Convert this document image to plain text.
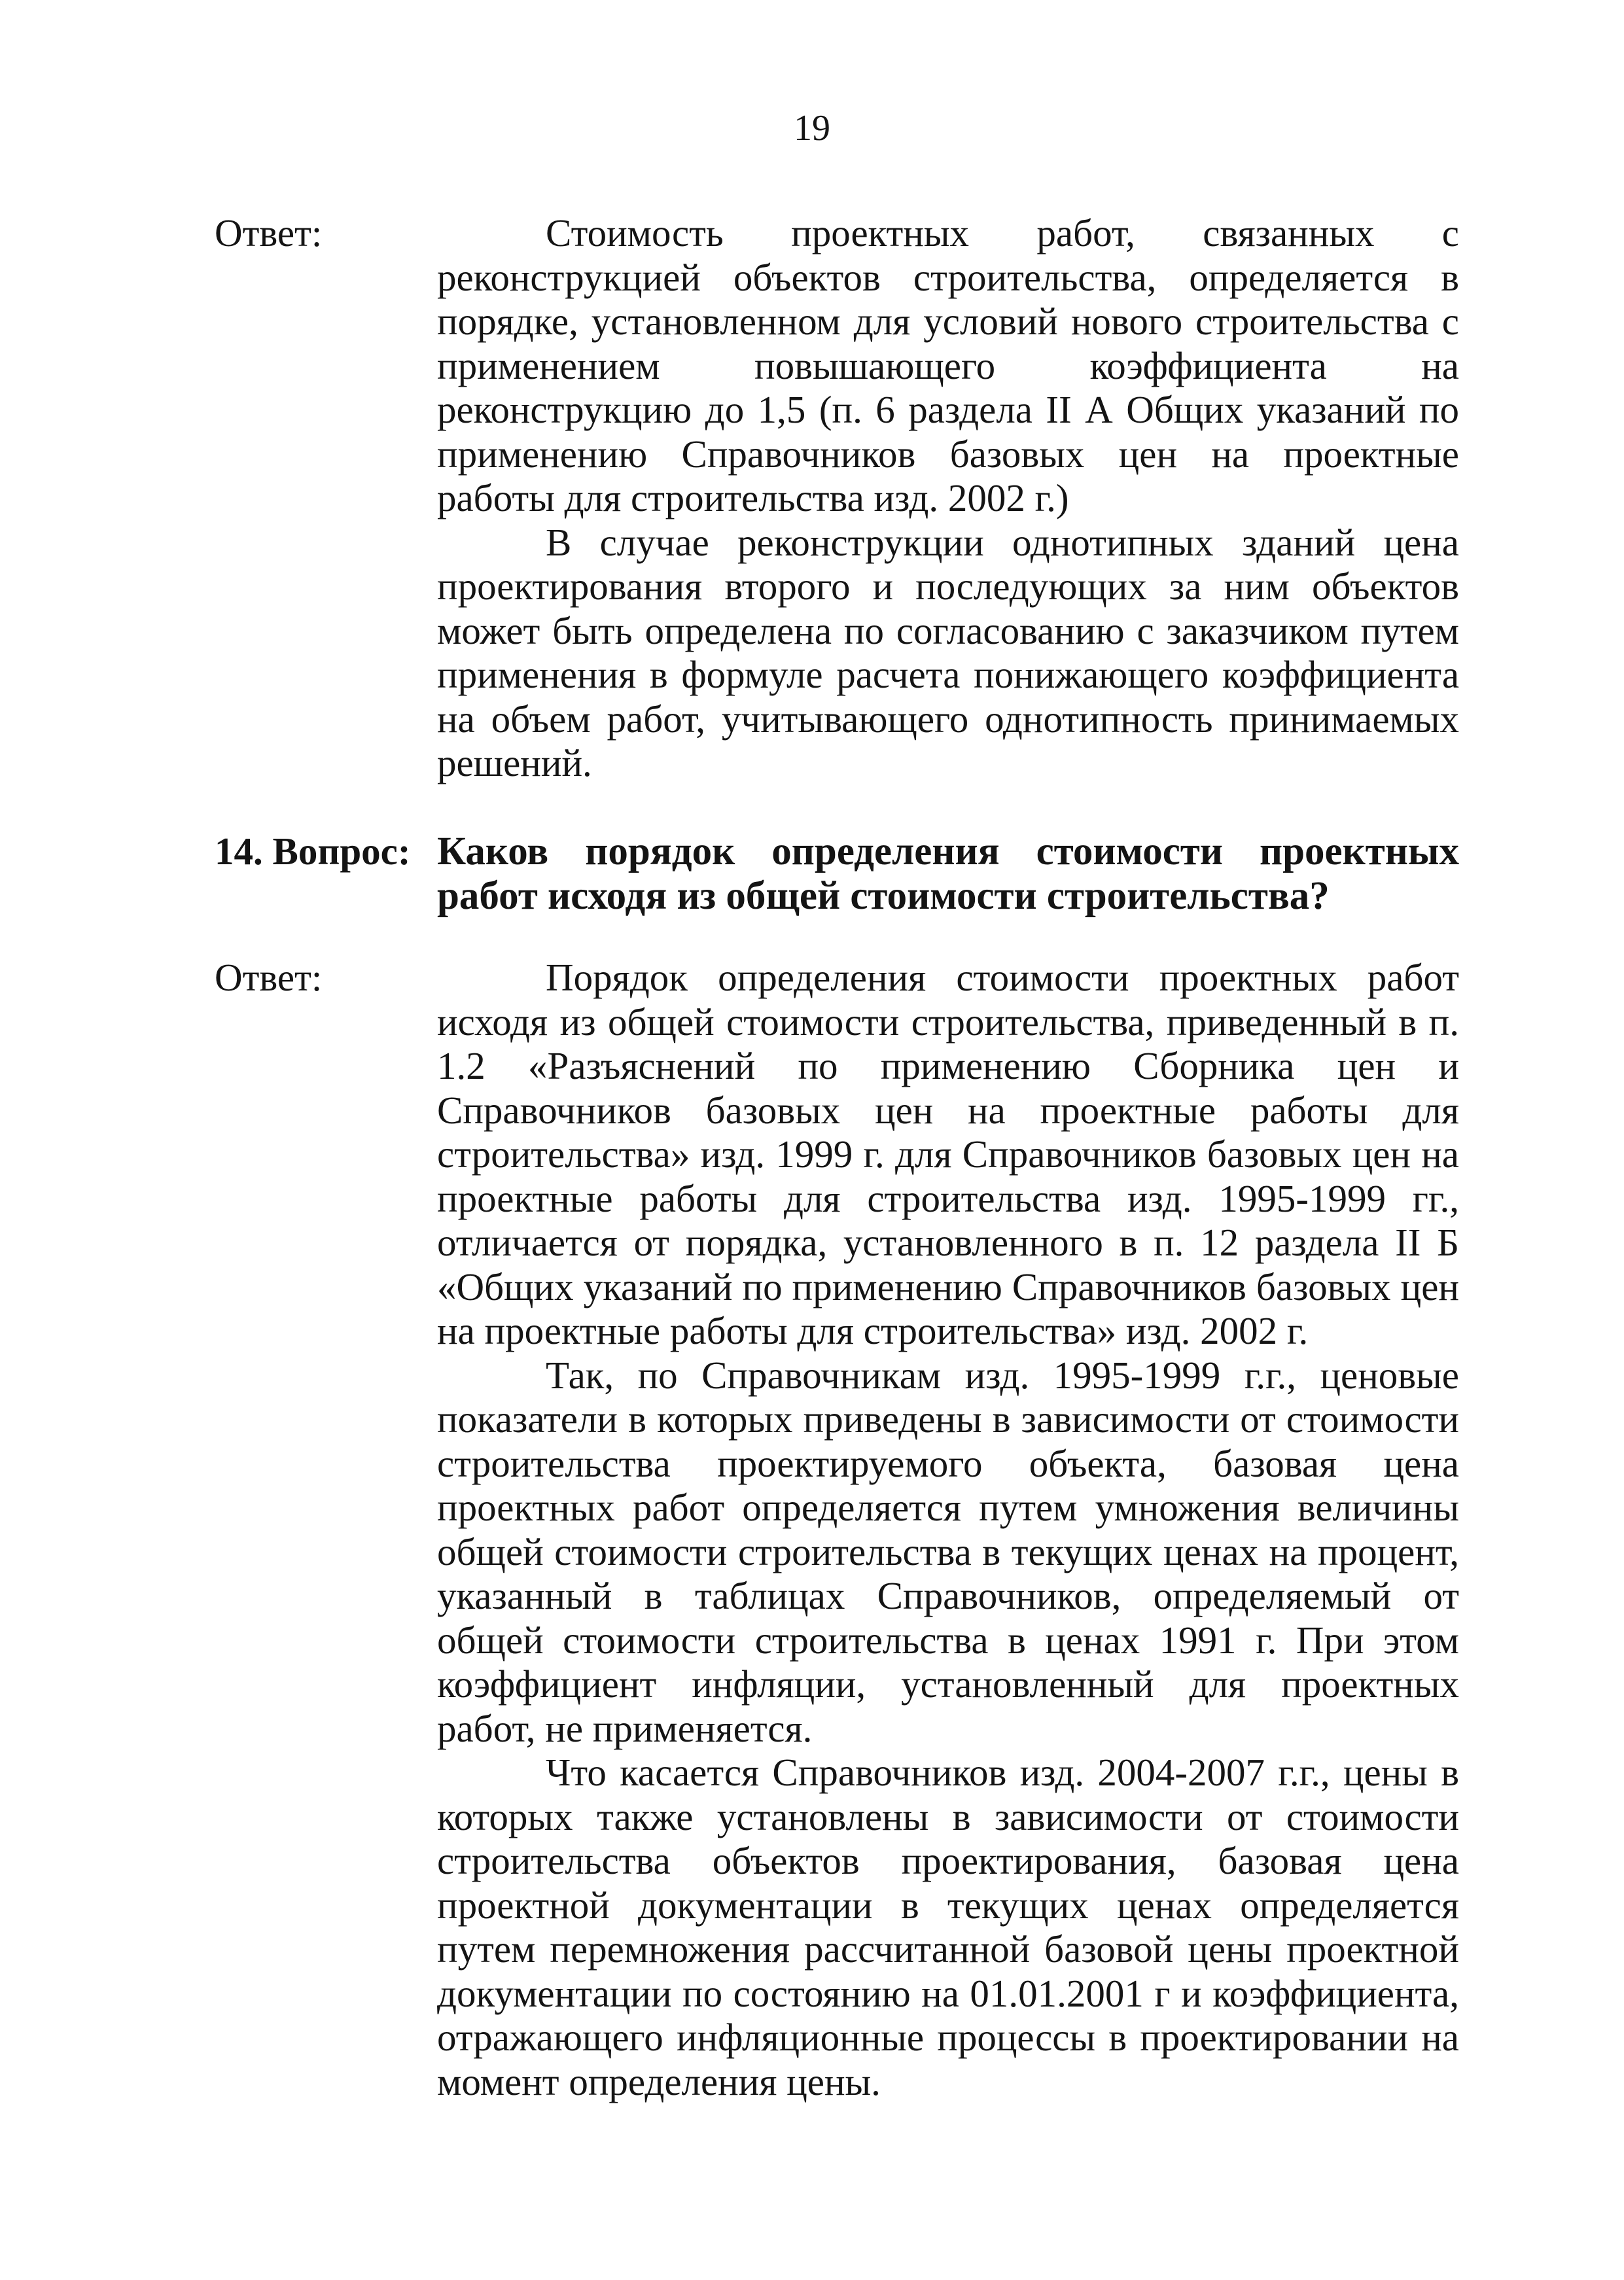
19
Ответ:	Стоимость проектных работ, связанных с реконструкцией объектов строительства, определяется в порядке, установленном для условий нового строительства с применением повышающего коэффициента на реконструкцию до 1,5 (п. 6 раздела II А Общих указаний по применению Справочников базовых цен на проектные работы для строительства изд. 2002 г.)

В случае реконструкции однотипных зданий цена проектирования второго и последующих за ним объектов может быть определена по согласованию с заказчиком путем применения в формуле расчета понижающего коэффициента на объем работ, учитывающего однотипность принимаемых решений.

14. Вопрос: Каков порядок определения стоимости проектных работ исходя из общей стоимости строительства?
Ответ:	Порядок определения стоимости проектных работ исходя из общей стоимости строительства, приведенный в п. 1.2 «Разъяснений по применению Сборника цен и Справочников базовых цен на проектные работы для строительства» изд. 1999 г. для Справочников базовых цен на проектные работы для строительства изд. 1995-1999 гг., отличается от порядка, установленного в п. 12 раздела II Б «Общих указаний по применению Справочников базовых цен на проектные работы для строительства» изд. 2002 г.

Так, по Справочникам изд. 1995-1999 г.г., ценовые показатели в которых приведены в зависимости от стоимости строительства проектируемого объекта, базовая цена проектных работ определяется путем умножения величины общей стоимости строительства в текущих ценах на процент, указанный в таблицах Справочников, определяемый от общей стоимости строительства в ценах 1991 г. При этом коэффициент инфляции, установленный для проектных работ, не применяется.

Что касается Справочников изд. 2004-2007 г.г., цены в которых также установлены в зависимости от стоимости строительства объектов проектирования, базовая цена проектной документации в текущих ценах определяется путем перемножения рассчитанной базовой цены проектной документации по состоянию на 01.01.2001 г и коэффициента, отражающего инфляционные процессы в проектировании на момент определения цены.
